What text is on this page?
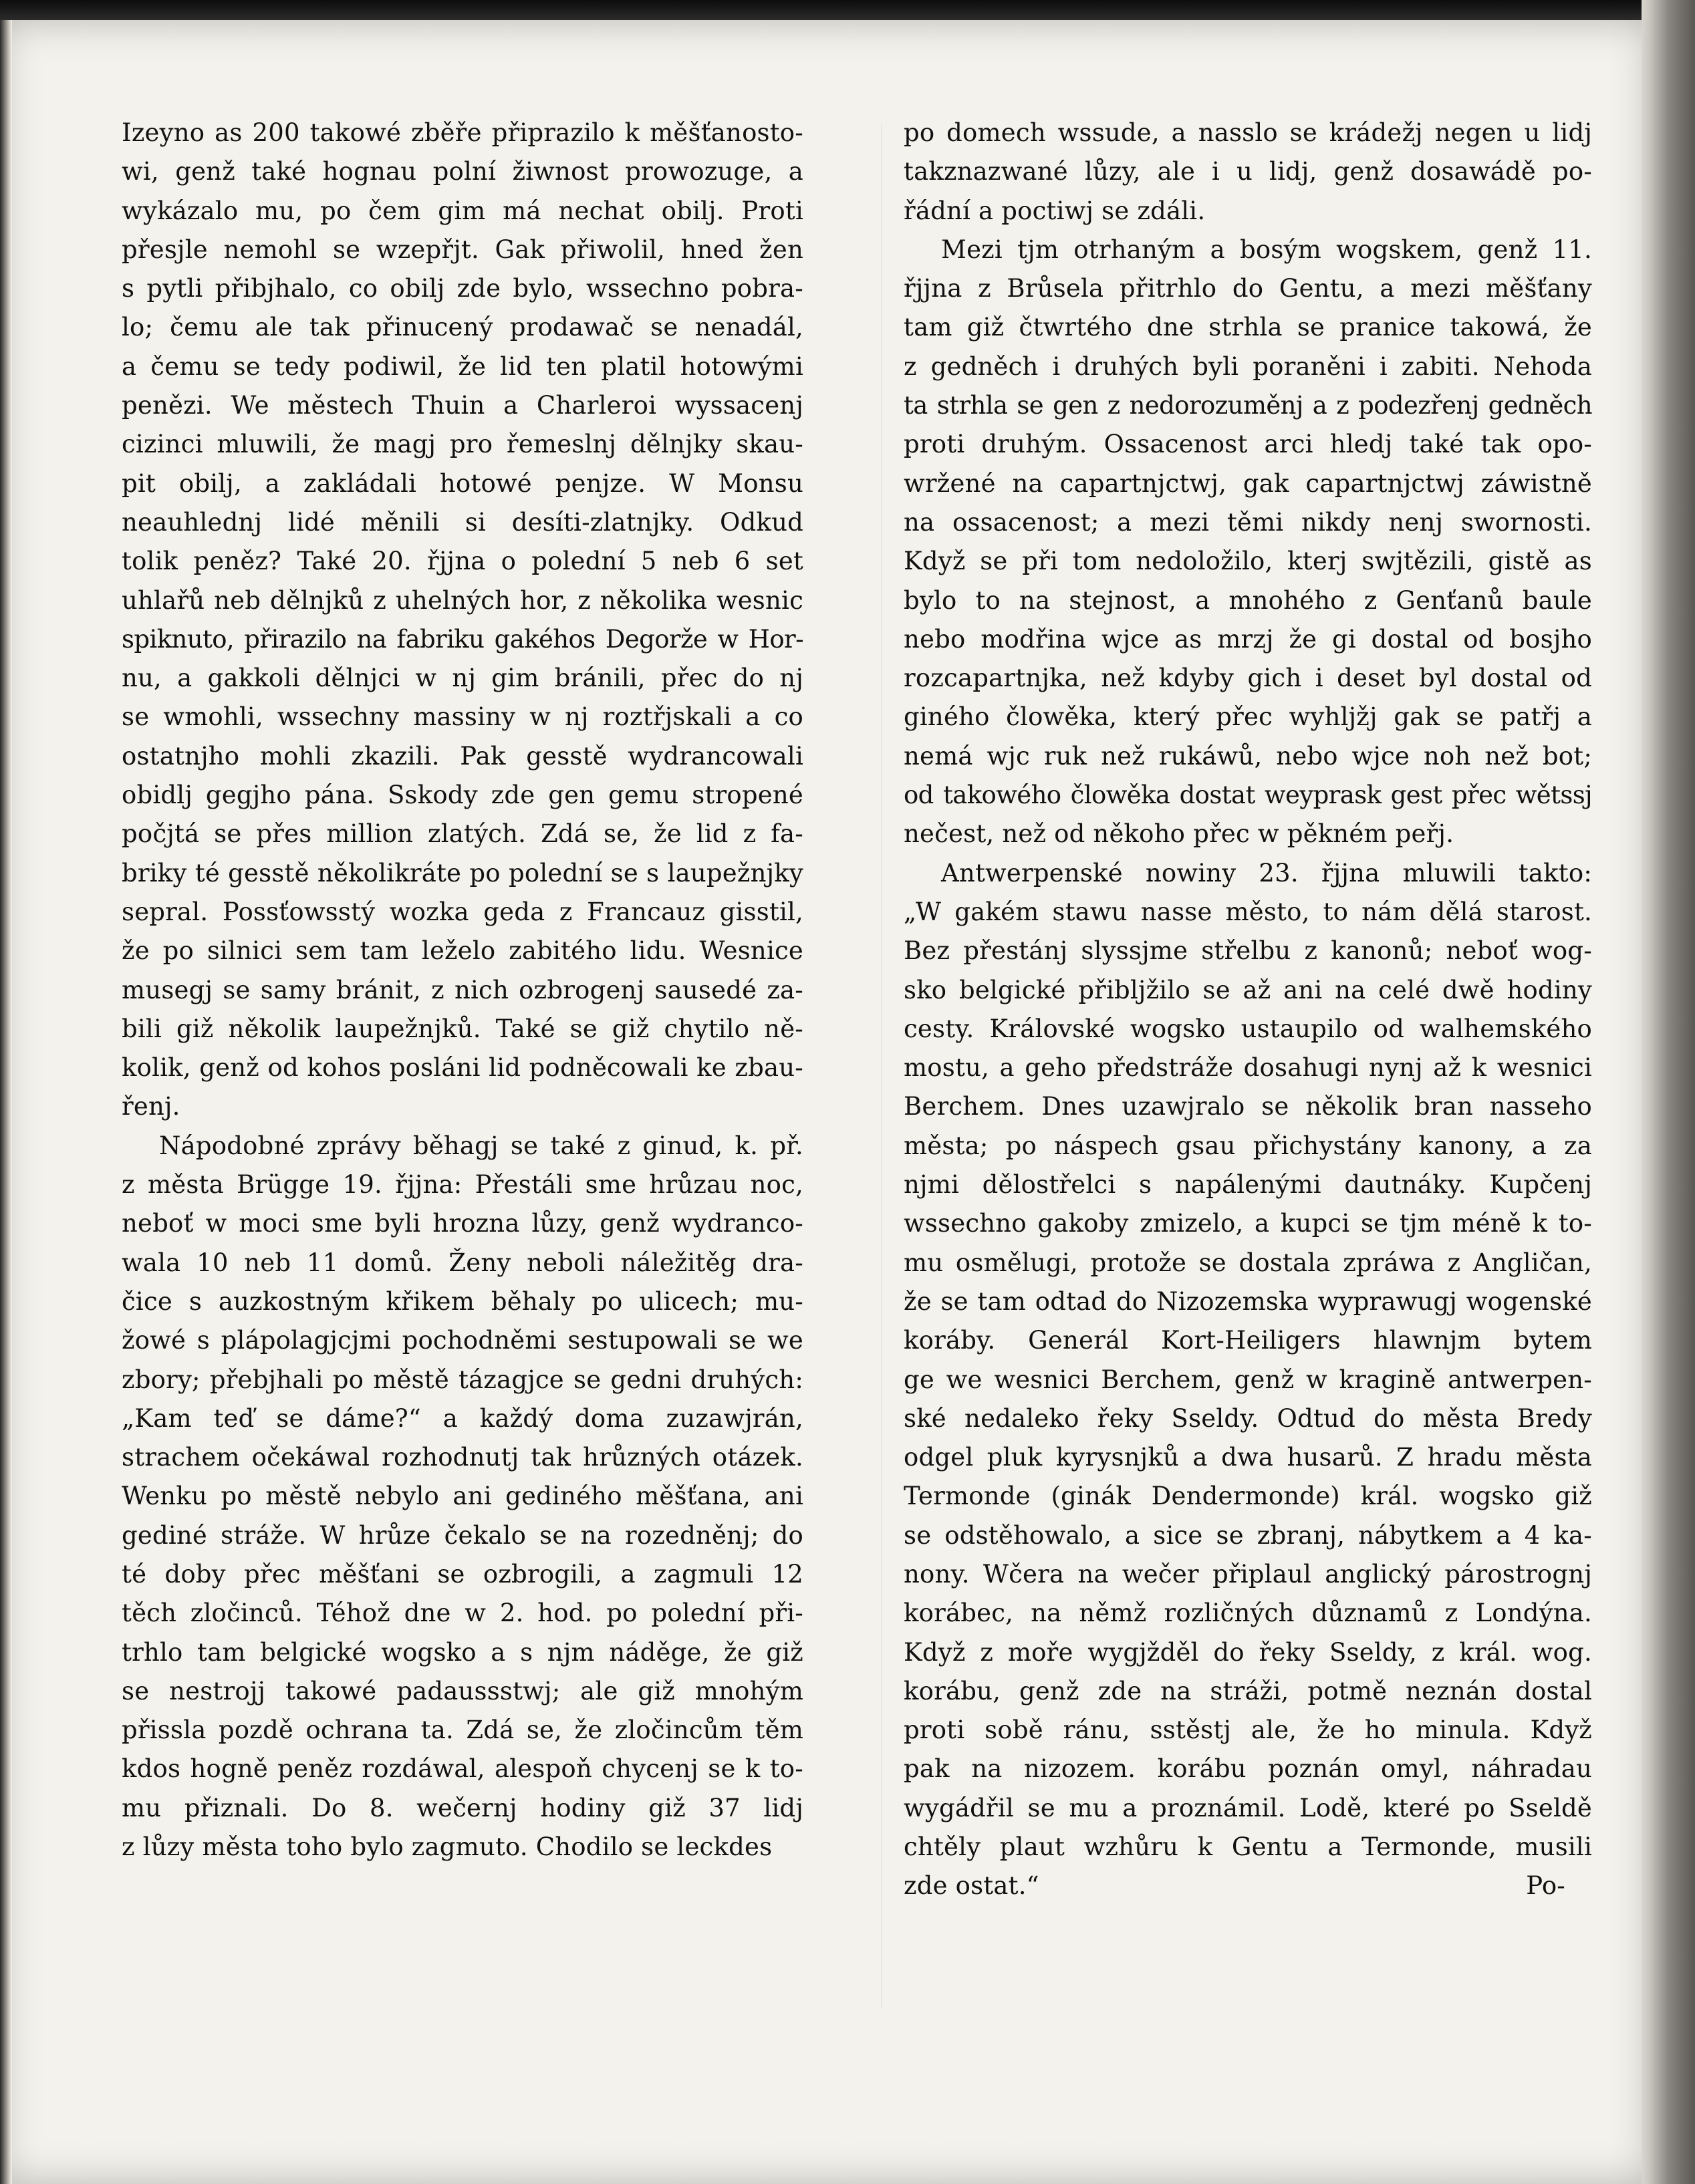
Izeyno as 200 takowé zběře připrazilo k měšťanosto-
wi, genž také hognau polní žiwnost prowozuge, a
wykázalo mu, po čem gim má nechat obilj. Proti
přesjle nemohl se wzepřjt. Gak přiwolil, hned žen
s pytli přibjhalo, co obilj zde bylo, wssechno pobra-
lo; čemu ale tak přinucený prodawač se nenadál,
a čemu se tedy podiwil, že lid ten platil hotowými
penězi. We městech Thuin a Charleroi wyssacenj
cizinci mluwili, že magj pro řemeslnj dělnjky skau-
pit obilj, a zakládali hotowé penjze. W Monsu
neauhlednj lidé měnili si desíti-zlatnjky. Odkud
tolik peněz? Také 20. řjjna o polední 5 neb 6 set
uhlařů neb dělnjků z uhelných hor, z několika wesnic
spiknuto, přirazilo na fabriku gakéhos Degorže w Hor-
nu, a gakkoli dělnjci w nj gim bránili, přec do nj
se wmohli, wssechny massiny w nj roztřjskali a co
ostatnjho mohli zkazili. Pak gesstě wydrancowali
obidlj gegjho pána. Sskody zde gen gemu stropené
počjtá se přes million zlatých. Zdá se, že lid z fa-
briky té gesstě několikráte po polední se s laupežnjky
sepral. Possťowsstý wozka geda z Francauz gisstil,
že po silnici sem tam leželo zabitého lidu. Wesnice
musegj se samy bránit, z nich ozbrogenj sausedé za-
bili giž několik laupežnjků. Také se giž chytilo ně-
kolik, genž od kohos posláni lid podněcowali ke zbau-
řenj.
Nápodobné zprávy běhagj se také z ginud, k. př.
z města Brügge 19. řjjna: Přestáli sme hrůzau noc,
neboť w moci sme byli hrozna lůzy, genž wydranco-
wala 10 neb 11 domů. Ženy neboli náležitěg dra-
čice s auzkostným křikem běhaly po ulicech; mu-
žowé s plápolagjcjmi pochodněmi sestupowali se we
zbory; přebjhali po městě tázagjce se gedni druhých:
„Kam teď se dáme?“ a každý doma zuzawjrán,
strachem očekáwal rozhodnutj tak hrůzných otázek.
Wenku po městě nebylo ani gediného měšťana, ani
gediné stráže. W hrůze čekalo se na rozedněnj; do
té doby přec měšťani se ozbrogili, a zagmuli 12
těch zločinců. Téhož dne w 2. hod. po polední při-
trhlo tam belgické wogsko a s njm náděge, že giž
se nestrojj takowé padaussstwj; ale giž mnohým
přissla pozdě ochrana ta. Zdá se, že zločincům těm
kdos hogně peněz rozdáwal, alespoň chycenj se k to-
mu přiznali. Do 8. wečernj hodiny giž 37 lidj
z lůzy města toho bylo zagmuto. Chodilo se leckdes
po domech wssude, a nasslo se krádežj negen u lidj
takznazwané lůzy, ale i u lidj, genž dosawádě po-
řádní a poctiwj se zdáli.
Mezi tjm otrhaným a bosým wogskem, genž 11.
řjjna z Brůsela přitrhlo do Gentu, a mezi měšťany
tam giž čtwrtého dne strhla se pranice takowá, že
z gedněch i druhých byli poraněni i zabiti. Nehoda
ta strhla se gen z nedorozuměnj a z podezřenj gedněch
proti druhým. Ossacenost arci hledj také tak opo-
wržené na capartnjctwj, gak capartnjctwj záwistně
na ossacenost; a mezi těmi nikdy nenj swornosti.
Když se při tom nedoložilo, kterj swjtězili, gistě as
bylo to na stejnost, a mnohého z Genťanů baule
nebo modřina wjce as mrzj že gi dostal od bosjho
rozcapartnjka, než kdyby gich i deset byl dostal od
giného člowěka, který přec wyhljžj gak se patřj a
nemá wjc ruk než rukáwů, nebo wjce noh než bot;
od takowého člowěka dostat weyprask gest přec wětssj
nečest, než od někoho přec w pěkném peřj.
Antwerpenské nowiny 23. řjjna mluwili takto:
„W gakém stawu nasse město, to nám dělá starost.
Bez přestánj slyssjme střelbu z kanonů; neboť wog-
sko belgické přibljžilo se až ani na celé dwě hodiny
cesty. Královské wogsko ustaupilo od walhemského
mostu, a geho předstráže dosahugi nynj až k wesnici
Berchem. Dnes uzawjralo se několik bran nasseho
města; po náspech gsau přichystány kanony, a za
njmi dělostřelci s napálenými dautnáky. Kupčenj
wssechno gakoby zmizelo, a kupci se tjm méně k to-
mu osmělugi, protože se dostala zpráwa z Angličan,
že se tam odtad do Nizozemska wyprawugj wogenské
koráby. Generál Kort-Heiligers hlawnjm bytem
ge we wesnici Berchem, genž w kragině antwerpen-
ské nedaleko řeky Sseldy. Odtud do města Bredy
odgel pluk kyrysnjků a dwa husarů. Z hradu města
Termonde (ginák Dendermonde) král. wogsko giž
se odstěhowalo, a sice se zbranj, nábytkem a 4 ka-
nony. Wčera na wečer připlaul anglický párostrognj
korábec, na němž rozličných důznamů z Londýna.
Když z moře wygjžděl do řeky Sseldy, z král. wog.
korábu, genž zde na stráži, potmě neznán dostal
proti sobě ránu, sstěstj ale, že ho minula. Když
pak na nizozem. korábu poznán omyl, náhradau
wygádřil se mu a proznámil. Lodě, které po Sseldě
chtěly plaut wzhůru k Gentu a Termonde, musili
zde ostat.“	Po-
